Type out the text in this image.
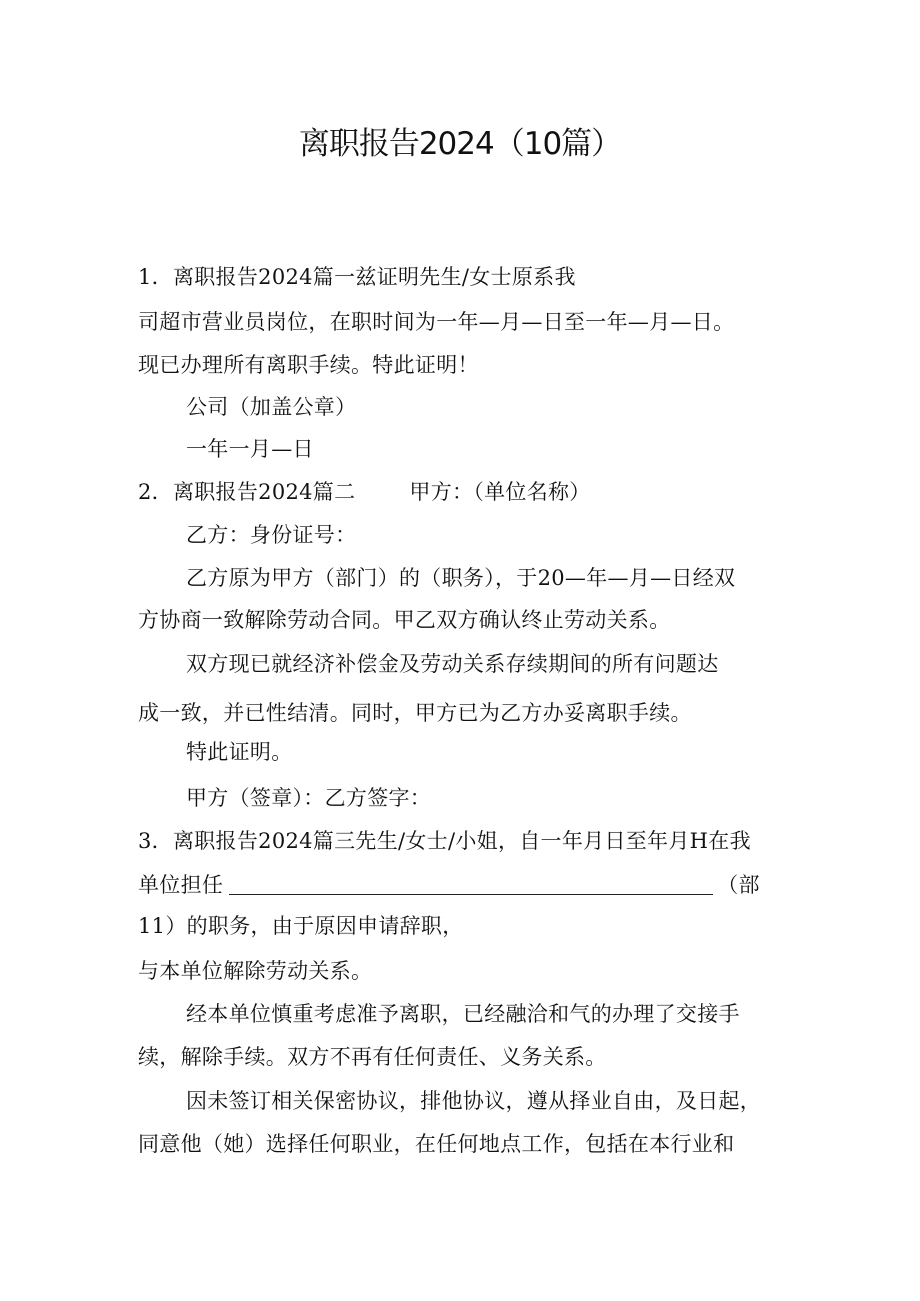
离职报告2024（10篇）
1．离职报告2024篇一兹证明先生/女士原系我
司超市营业员岗位，在职时间为一年—月—日至一年—月—日。
现已办理所有离职手续。特此证明！
公司（加盖公章）
一年一月—日
2．离职报告2024篇二	甲方：（单位名称）
乙方：身份证号：
乙方原为甲方（部门）的（职务），于20—年—月—日经双
方协商一致解除劳动合同。甲乙双方确认终止劳动关系。
双方现已就经济补偿金及劳动关系存续期间的所有问题达
成一致，并已性结清。同时，甲方已为乙方办妥离职手续。
特此证明。
甲方（签章）：乙方签字：
3．离职报告2024篇三先生/女士/小姐，自一年月日至年月H在我
单位担任	（部
11）的职务，由于原因申请辞职，
与本单位解除劳动关系。
经本单位慎重考虑准予离职，已经融洽和气的办理了交接手
续，解除手续。双方不再有任何责任、义务关系。
因未签订相关保密协议，排他协议，遵从择业自由，及日起，
同意他（她）选择任何职业，在任何地点工作，包括在本行业和
